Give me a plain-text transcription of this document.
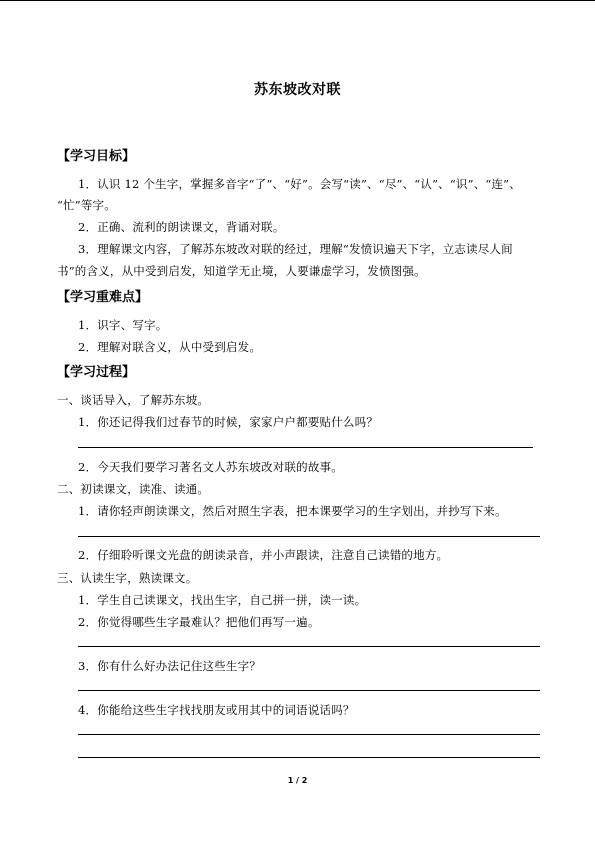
苏东坡改对联
【学习目标】
1．认识 12 个生字，掌握多音字“了”、“好”。会写“读”、“尽”、“认”、“识”、“连”、
“忙”等字。
2．正确、流利的朗读课文，背诵对联。
3．理解课文内容，了解苏东坡改对联的经过，理解“发愤识遍天下字，立志读尽人间
书”的含义，从中受到启发，知道学无止境，人要谦虚学习，发愤图强。
【学习重难点】
1．识字、写字。
2．理解对联含义，从中受到启发。
【学习过程】
一、谈话导入，了解苏东坡。
1．你还记得我们过春节的时候，家家户户都要贴什么吗？
2．今天我们要学习著名文人苏东坡改对联的故事。
二、初读课文，读准、读通。
1．请你轻声朗读课文，然后对照生字表，把本课要学习的生字划出，并抄写下来。
2．仔细聆听课文光盘的朗读录音，并小声跟读，注意自己读错的地方。
三、认读生字，熟读课文。
1．学生自己读课文，找出生字，自己拼一拼，读一读。
2．你觉得哪些生字最难认？把他们再写一遍。
3．你有什么好办法记住这些生字？
4．你能给这些生字找找朋友或用其中的词语说话吗？
1 / 2
